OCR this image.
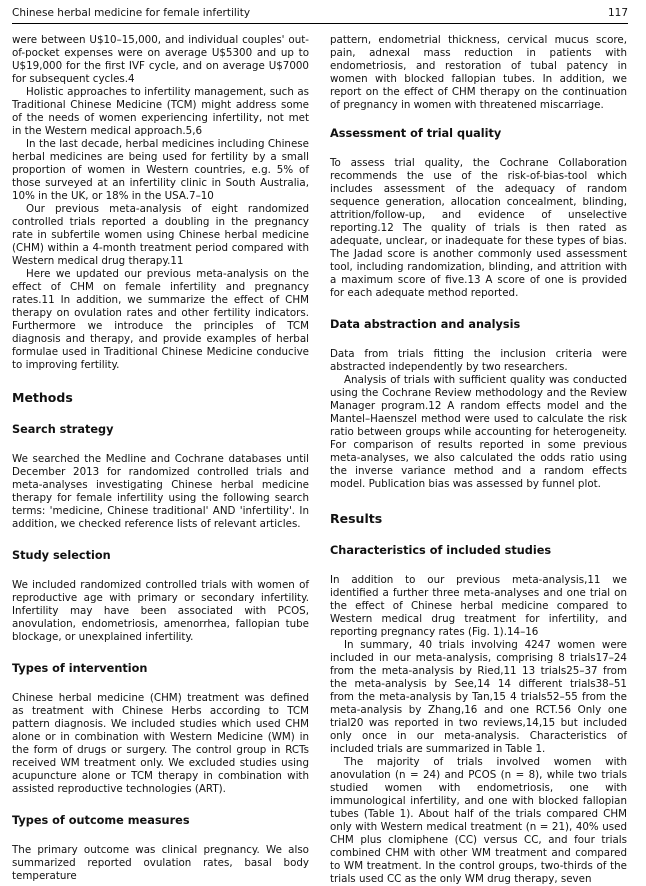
Chinese herbal medicine for female infertility	117

were between U$10–15,000, and individual couples' out-of-pocket expenses were on average U$5300 and up to U$19,000 for the first IVF cycle, and on average U$7000 for subsequent cycles.4

Holistic approaches to infertility management, such as Traditional Chinese Medicine (TCM) might address some of the needs of women experiencing infertility, not met in the Western medical approach.5,6

In the last decade, herbal medicines including Chinese herbal medicines are being used for fertility by a small proportion of women in Western countries, e.g. 5% of those surveyed at an infertility clinic in South Australia, 10% in the UK, or 18% in the USA.7–10

Our previous meta-analysis of eight randomized controlled trials reported a doubling in the pregnancy rate in subfertile women using Chinese herbal medicine (CHM) within a 4-month treatment period compared with Western medical drug therapy.11

Here we updated our previous meta-analysis on the effect of CHM on female infertility and pregnancy rates.11 In addition, we summarize the effect of CHM therapy on ovulation rates and other fertility indicators. Furthermore we introduce the principles of TCM diagnosis and therapy, and provide examples of herbal formulae used in Traditional Chinese Medicine conducive to improving fertility.

Methods
Search strategy

We searched the Medline and Cochrane databases until December 2013 for randomized controlled trials and meta-analyses investigating Chinese herbal medicine therapy for female infertility using the following search terms: 'medicine, Chinese traditional' AND 'infertility'. In addition, we checked reference lists of relevant articles.

Study selection

We included randomized controlled trials with women of reproductive age with primary or secondary infertility. Infertility may have been associated with PCOS, anovulation, endometriosis, amenorrhea, fallopian tube blockage, or unexplained infertility.

Types of intervention

Chinese herbal medicine (CHM) treatment was defined as treatment with Chinese Herbs according to TCM pattern diagnosis. We included studies which used CHM alone or in combination with Western Medicine (WM) in the form of drugs or surgery. The control group in RCTs received WM treatment only. We excluded studies using acupuncture alone or TCM therapy in combination with assisted reproductive technologies (ART).

Types of outcome measures

The primary outcome was clinical pregnancy. We also summarized reported ovulation rates, basal body temperature

pattern, endometrial thickness, cervical mucus score, pain, adnexal mass reduction in patients with endometriosis, and restoration of tubal patency in women with blocked fallopian tubes. In addition, we report on the effect of CHM therapy on the continuation of pregnancy in women with threatened miscarriage.

Assessment of trial quality

To assess trial quality, the Cochrane Collaboration recommends the use of the risk-of-bias-tool which includes assessment of the adequacy of random sequence generation, allocation concealment, blinding, attrition/follow-up, and evidence of unselective reporting.12 The quality of trials is then rated as adequate, unclear, or inadequate for these types of bias. The Jadad score is another commonly used assessment tool, including randomization, blinding, and attrition with a maximum score of five.13 A score of one is provided for each adequate method reported.

Data abstraction and analysis

Data from trials fitting the inclusion criteria were abstracted independently by two researchers.

Analysis of trials with sufficient quality was conducted using the Cochrane Review methodology and the Review Manager program.12 A random effects model and the Mantel–Haenszel method were used to calculate the risk ratio between groups while accounting for heterogeneity. For comparison of results reported in some previous meta-analyses, we also calculated the odds ratio using the inverse variance method and a random effects model. Publication bias was assessed by funnel plot.

Results
Characteristics of included studies

In addition to our previous meta-analysis,11 we identified a further three meta-analyses and one trial on the effect of Chinese herbal medicine compared to Western medical drug treatment for infertility, and reporting pregnancy rates (Fig. 1).14–16

In summary, 40 trials involving 4247 women were included in our meta-analysis, comprising 8 trials17–24 from the meta-analysis by Ried,11 13 trials25–37 from the meta-analysis by See,14 14 different trials38–51 from the meta-analysis by Tan,15 4 trials52–55 from the meta-analysis by Zhang,16 and one RCT.56 Only one trial20 was reported in two reviews,14,15 but included only once in our meta-analysis. Characteristics of included trials are summarized in Table 1.

The majority of trials involved women with anovulation (n = 24) and PCOS (n = 8), while two trials studied women with endometriosis, one with immunological infertility, and one with blocked fallopian tubes (Table 1). About half of the trials compared CHM only with Western medical treatment (n = 21), 40% used CHM plus clomiphene (CC) versus CC, and four trials combined CHM with other WM treatment and compared to WM treatment. In the control groups, two-thirds of the trials used CC as the only WM drug therapy, seven
